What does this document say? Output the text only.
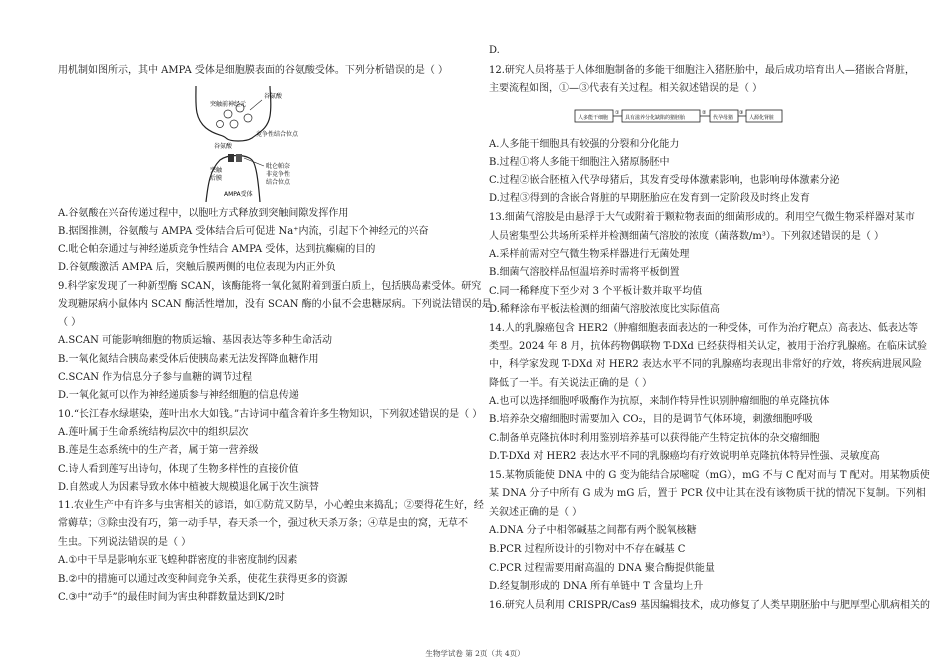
用机制如图所示，其中 AMPA 受体是细胞膜表面的谷氨酸受体。下列分析错误的是（ ）
A.谷氨酸在兴奋传递过程中，以胞吐方式释放到突触间隙发挥作用
B.据图推测，谷氨酸与 AMPA 受体结合后可促进 Na⁺内流，引起下个神经元的兴奋
C.吡仑帕奈通过与神经递质竞争性结合 AMPA 受体，达到抗癫痫的目的
D.谷氨酸激活 AMPA 后，突触后膜两侧的电位表现为内正外负
9.科学家发现了一种新型酶 SCAN，该酶能将一氧化氮附着到蛋白质上，包括胰岛素受体。研究
发现糖尿病小鼠体内 SCAN 酶活性增加，没有 SCAN 酶的小鼠不会患糖尿病。下列说法错误的是
（ ）
A.SCAN 可能影响细胞的物质运输、基因表达等多种生命活动
B.一氧化氮结合胰岛素受体后使胰岛素无法发挥降血糖作用
C.SCAN 作为信息分子参与血糖的调节过程
D.一氧化氮可以作为神经递质参与神经细胞的信息传递
10.“长江春水绿堪染，莲叶出水大如钱。”古诗词中蕴含着许多生物知识，下列叙述错误的是（ ）
A.莲叶属于生命系统结构层次中的组织层次
B.莲是生态系统中的生产者，属于第一营养级
C.诗人看到莲写出诗句，体现了生物多样性的直接价值
D.自然或人为因素导致水体中植被大规模退化属于次生演替
11.农业生产中有许多与虫害相关的谚语，如①防荒又防旱，小心蝗虫来捣乱；②要得花生好，经
常薅草；③除虫没有巧，第一动手早，春天杀一个，强过秋天杀万条；④草是虫的窝，无草不
生虫。下列说法错误的是（ ）
A.①中干旱是影响东亚飞蝗种群密度的非密度制约因素
B.②中的措施可以通过改变种间竞争关系，使花生获得更多的资源
C.③中“动手”的最佳时间为害虫种群数量达到K/2时
突触前神经元
谷氨酸
竞争性结合位点
谷氨酸
突触
后膜
吡仑帕奈
非竞争性
结合位点
AMPA受体
D.
12.研究人员将基于人体细胞制备的多能干细胞注入猪胚胎中，最后成功培育出人—猪嵌合肾脏，
主要流程如图，①—③代表有关过程。相关叙述错误的是（ ）
A.人多能干细胞具有较强的分裂和分化能力
B.过程①将人多能干细胞注入猪原肠胚中
C.过程②嵌合胚植入代孕母猪后，其发育受母体激素影响，也影响母体激素分泌
D.过程③得到的含嵌合肾脏的早期胚胎应在发育到一定阶段及时终止发育
13.细菌气溶胶是由悬浮于大气或附着于颗粒物表面的细菌形成的。利用空气微生物采样器对某市
人员密集型公共场所采样并检测细菌气溶胶的浓度（菌落数/m³）。下列叙述错误的是（ ）
A.采样前需对空气微生物采样器进行无菌处理
B.细菌气溶胶样品恒温培养时需将平板倒置
C.同一稀释度下至少对 3 个平板计数并取平均值
D.稀释涂布平板法检测的细菌气溶胶浓度比实际值高
14.人的乳腺癌包含 HER2（肿瘤细胞表面表达的一种受体，可作为治疗靶点）高表达、低表达等
类型。2024 年 8 月，抗体药物偶联物 T-DXd 已经获得相关认定，被用于治疗乳腺癌。在临床试验
中，科学家发现 T-DXd 对 HER2 表达水平不同的乳腺癌均表现出非常好的疗效，将疾病进展风险
降低了一半。有关说法正确的是（ ）
A.也可以选择细胞呼吸酶作为抗原，来制作特异性识别肿瘤细胞的单克隆抗体
B.培养杂交瘤细胞时需要加入 CO₂，目的是调节气体环境，刺激细胞呼吸
C.制备单克隆抗体时利用鉴别培养基可以获得能产生特定抗体的杂交瘤细胞
D.T-DXd 对 HER2 表达水平不同的乳腺癌均有疗效说明单克隆抗体特异性强、灵敏度高
15.某物质能使 DNA 中的 G 变为能结合尿嘧啶（mG），mG 不与 C 配对而与 T 配对。用某物质使
某 DNA 分子中所有 G 成为 mG 后，置于 PCR 仪中让其在没有该物质干扰的情况下复制。下列相
关叙述正确的是（ ）
A.DNA 分子中相邻碱基之间都有两个脱氧核糖
B.PCR 过程所设计的引物对中不存在碱基 C
C.PCR 过程需要用耐高温的 DNA 聚合酶提供能量
D.经复制形成的 DNA 所有单链中 T 含量均上升
16.研究人员利用 CRISPR/Cas9 基因编辑技术，成功修复了人类早期胚胎中与肥厚型心肌病相关的
人多能干细胞
①
具有滋养分化缺陷的猪胚胎
②
代孕母猪
③
人源化肾脏
生物学试卷 第 2页（共 4页）
